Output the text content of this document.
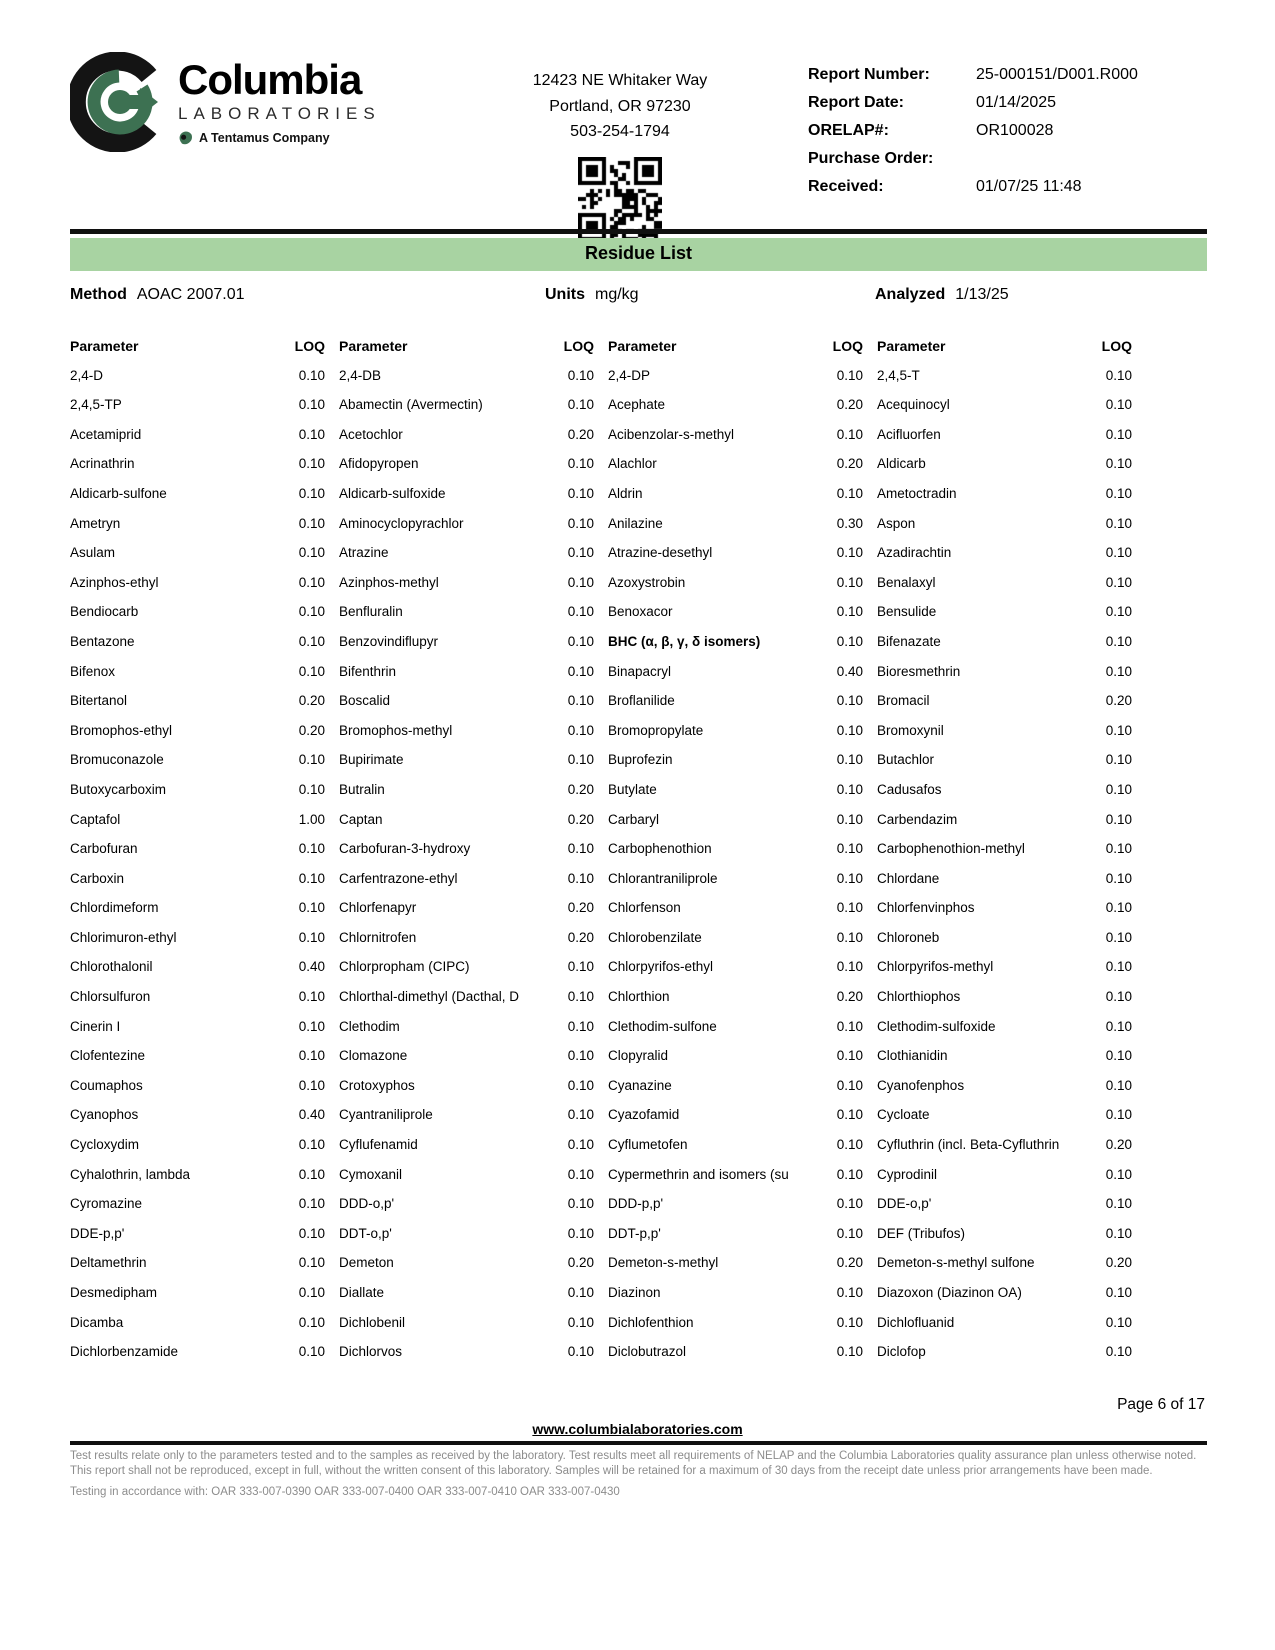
Columbia
LABORATORIES
A Tentamus Company
12423 NE Whitaker Way
Portland, OR 97230
503-254-1794
Report Number:	25-000151/D001.R000
Report Date:	01/14/2025
ORELAP#:	OR100028
Purchase Order:
Received:	01/07/25 11:48
Residue List
Method AOAC 2007.01	Units mg/kg	Analyzed 1/13/25
Parameter	LOQ
2,4-D	0.10
2,4,5-TP	0.10
Acetamiprid	0.10
Acrinathrin	0.10
Aldicarb-sulfone	0.10
Ametryn	0.10
Asulam	0.10
Azinphos-ethyl	0.10
Bendiocarb	0.10
Bentazone	0.10
Bifenox	0.10
Bitertanol	0.20
Bromophos-ethyl	0.20
Bromuconazole	0.10
Butoxycarboxim	0.10
Captafol	1.00
Carbofuran	0.10
Carboxin	0.10
Chlordimeform	0.10
Chlorimuron-ethyl	0.10
Chlorothalonil	0.40
Chlorsulfuron	0.10
Cinerin I	0.10
Clofentezine	0.10
Coumaphos	0.10
Cyanophos	0.40
Cycloxydim	0.10
Cyhalothrin, lambda	0.10
Cyromazine	0.10
DDE-p,p'	0.10
Deltamethrin	0.10
Desmedipham	0.10
Dicamba	0.10
Dichlorbenzamide	0.10
Parameter	LOQ
2,4-DB	0.10
Abamectin (Avermectin)	0.10
Acetochlor	0.20
Afidopyropen	0.10
Aldicarb-sulfoxide	0.10
Aminocyclopyrachlor	0.10
Atrazine	0.10
Azinphos-methyl	0.10
Benfluralin	0.10
Benzovindiflupyr	0.10
Bifenthrin	0.10
Boscalid	0.10
Bromophos-methyl	0.10
Bupirimate	0.10
Butralin	0.20
Captan	0.20
Carbofuran-3-hydroxy	0.10
Carfentrazone-ethyl	0.10
Chlorfenapyr	0.20
Chlornitrofen	0.20
Chlorpropham (CIPC)	0.10
Chlorthal-dimethyl (Dacthal, D	0.10
Clethodim	0.10
Clomazone	0.10
Crotoxyphos	0.10
Cyantraniliprole	0.10
Cyflufenamid	0.10
Cymoxanil	0.10
DDD-o,p'	0.10
DDT-o,p'	0.10
Demeton	0.20
Diallate	0.10
Dichlobenil	0.10
Dichlorvos	0.10
Parameter	LOQ
2,4-DP	0.10
Acephate	0.20
Acibenzolar-s-methyl	0.10
Alachlor	0.20
Aldrin	0.10
Anilazine	0.30
Atrazine-desethyl	0.10
Azoxystrobin	0.10
Benoxacor	0.10
BHC (α, β, γ, δ isomers)	0.10
Binapacryl	0.40
Broflanilide	0.10
Bromopropylate	0.10
Buprofezin	0.10
Butylate	0.10
Carbaryl	0.10
Carbophenothion	0.10
Chlorantraniliprole	0.10
Chlorfenson	0.10
Chlorobenzilate	0.10
Chlorpyrifos-ethyl	0.10
Chlorthion	0.20
Clethodim-sulfone	0.10
Clopyralid	0.10
Cyanazine	0.10
Cyazofamid	0.10
Cyflumetofen	0.10
Cypermethrin and isomers (su	0.10
DDD-p,p'	0.10
DDT-p,p'	0.10
Demeton-s-methyl	0.20
Diazinon	0.10
Dichlofenthion	0.10
Diclobutrazol	0.10
Parameter	LOQ
2,4,5-T	0.10
Acequinocyl	0.10
Acifluorfen	0.10
Aldicarb	0.10
Ametoctradin	0.10
Aspon	0.10
Azadirachtin	0.10
Benalaxyl	0.10
Bensulide	0.10
Bifenazate	0.10
Bioresmethrin	0.10
Bromacil	0.20
Bromoxynil	0.10
Butachlor	0.10
Cadusafos	0.10
Carbendazim	0.10
Carbophenothion-methyl	0.10
Chlordane	0.10
Chlorfenvinphos	0.10
Chloroneb	0.10
Chlorpyrifos-methyl	0.10
Chlorthiophos	0.10
Clethodim-sulfoxide	0.10
Clothianidin	0.10
Cyanofenphos	0.10
Cycloate	0.10
Cyfluthrin (incl. Beta-Cyfluthrin	0.20
Cyprodinil	0.10
DDE-o,p'	0.10
DEF (Tribufos)	0.10
Demeton-s-methyl sulfone	0.20
Diazoxon (Diazinon OA)	0.10
Dichlofluanid	0.10
Diclofop	0.10
Page 6 of 17
www.columbialaboratories.com
Test results relate only to the parameters tested and to the samples as received by the laboratory. Test results meet all requirements of NELAP and the Columbia Laboratories quality assurance plan unless otherwise noted. This report shall not be reproduced, except in full, without the written consent of this laboratory. Samples will be retained for a maximum of 30 days from the receipt date unless prior arrangements have been made.
Testing in accordance with: OAR 333-007-0390 OAR 333-007-0400 OAR 333-007-0410 OAR 333-007-0430
